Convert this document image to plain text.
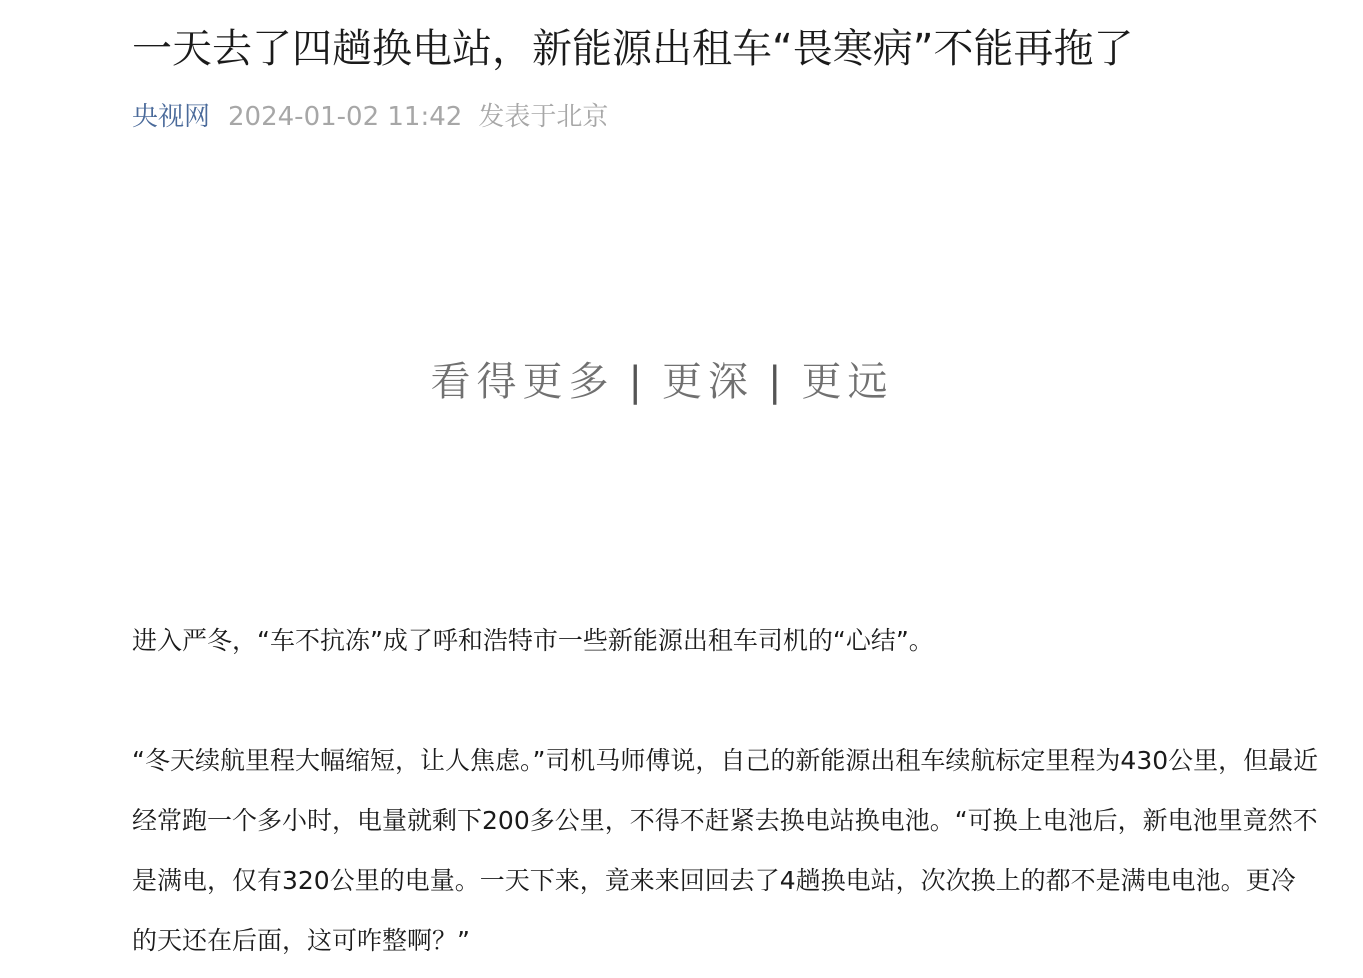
一天去了四趟换电站，新能源出租车“畏寒病”不能再拖了
央视网 2024-01-02 11:42 发表于北京
看得更多 | 更深 | 更远

进入严冬，“车不抗冻”成了呼和浩特市一些新能源出租车司机的“心结”。

“冬天续航里程大幅缩短，让人焦虑。”司机马师傅说，自己的新能源出租车续航标定里程为430公里，但最近经常跑一个多小时，电量就剩下200多公里，不得不赶紧去换电站换电池。“可换上电池后，新电池里竟然不是满电，仅有320公里的电量。一天下来，竟来来回回去了4趟换电站，次次换上的都不是满电电池。更冷的天还在后面，这可咋整啊？”
